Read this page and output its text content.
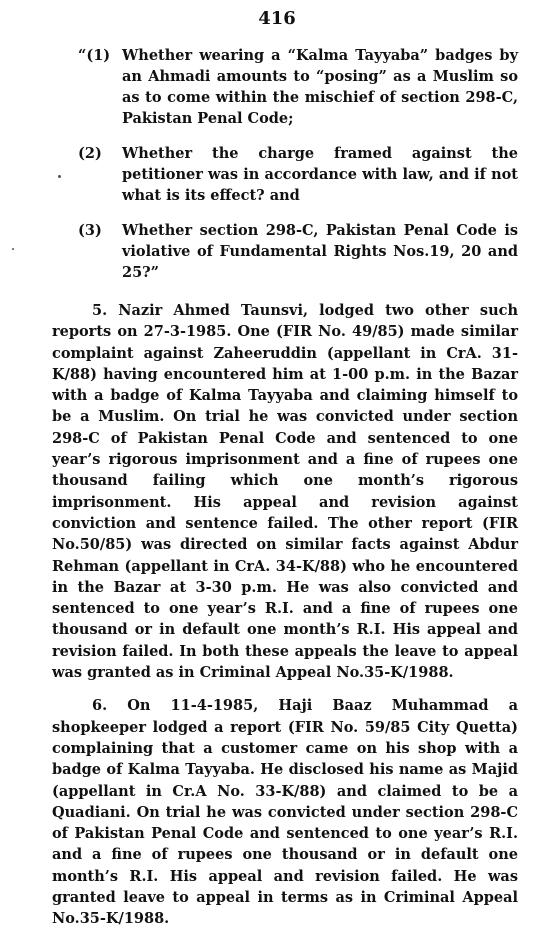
416
“(1) Whether wearing a “Kalma Tayyaba” badges by an Ahmadi amounts to “posing” as a Muslim so as to come within the mischief of section 298-C, Pakistan Penal Code;
(2)	Whether the charge framed against the petitioner was in accordance with law, and if not what is its effect? and
(3)	Whether section 298-C, Pakistan Penal Code is violative of Fundamental Rights Nos.19, 20 and 25?”

5. Nazir Ahmed Taunsvi, lodged two other such reports on 27-3-1985. One (FIR No. 49/85) made similar complaint against Zaheeruddin (appellant in CrA. 31-K/88) having encountered him at 1-00 p.m. in the Bazar with a badge of Kalma Tayyaba and claiming himself to be a Muslim. On trial he was convicted under section 298-C of Pakistan Penal Code and sentenced to one year’s rigorous imprisonment and a fine of rupees one thousand failing which one month’s rigorous imprisonment. His appeal and revision against conviction and sentence failed. The other report (FIR No.50/85) was directed on similar facts against Abdur Rehman (appellant in CrA. 34-K/88) who he encountered in the Bazar at 3-30 p.m. He was also convicted and sentenced to one year’s R.I. and a fine of rupees one thousand or in default one month’s R.I. His appeal and revision failed. In both these appeals the leave to appeal was granted as in Criminal Appeal No.35-K/1988.

6. On 11-4-1985, Haji Baaz Muhammad a shopkeeper lodged a report (FIR No. 59/85 City Quetta) complaining that a customer came on his shop with a badge of Kalma Tayyaba. He disclosed his name as Majid (appellant in Cr.A No. 33-K/88) and claimed to be a Quadiani. On trial he was convicted under section 298-C of Pakistan Penal Code and sentenced to one year’s R.I. and a fine of rupees one thousand or in default one month’s R.I. His appeal and revision failed. He was granted leave to appeal in terms as in Criminal Appeal No.35-K/1988.
